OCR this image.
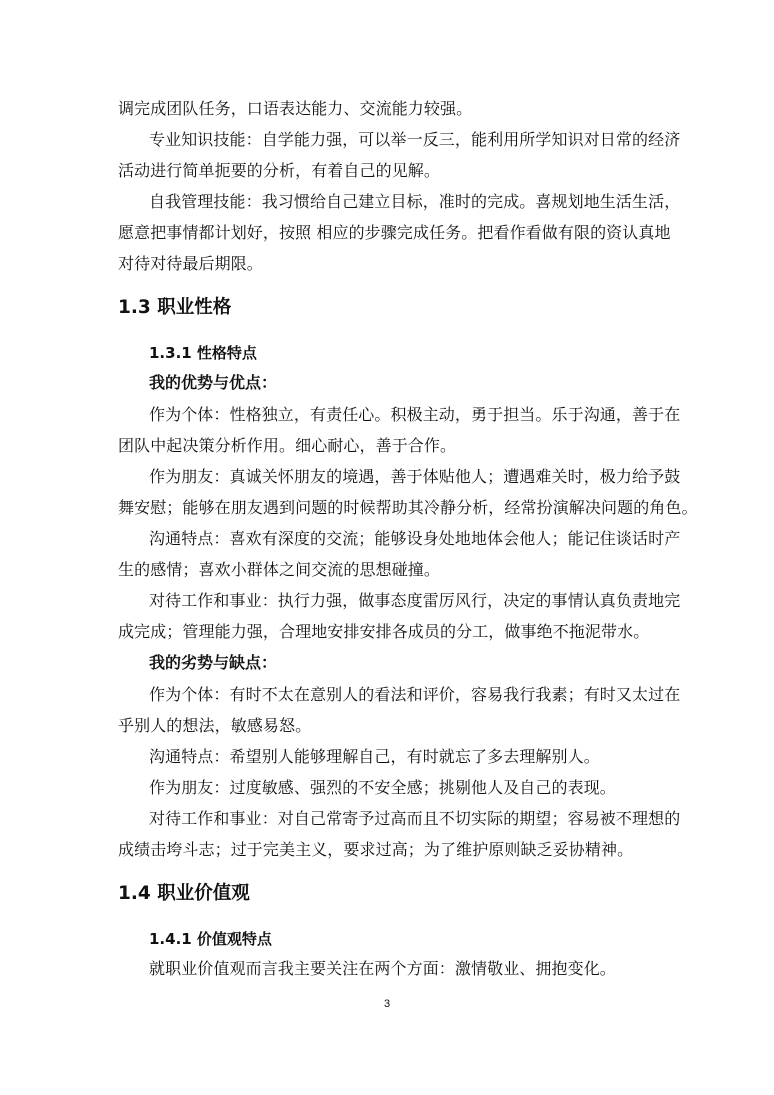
调完成团队任务，口语表达能力、交流能力较强。
专业知识技能：自学能力强，可以举一反三，能利用所学知识对日常的经济
活动进行简单扼要的分析，有着自己的见解。
自我管理技能：我习惯给自己建立目标，准时的完成。喜规划地生活生活，
愿意把事情都计划好，按照 相应的步骤完成任务。把看作看做有限的资认真地
对待对待最后期限。
1.3 职业性格
1.3.1 性格特点
我的优势与优点：
作为个体：性格独立，有责任心。积极主动，勇于担当。乐于沟通，善于在
团队中起决策分析作用。细心耐心，善于合作。
作为朋友：真诚关怀朋友的境遇，善于体贴他人；遭遇难关时，极力给予鼓
舞安慰；能够在朋友遇到问题的时候帮助其冷静分析，经常扮演解决问题的角色。
沟通特点：喜欢有深度的交流；能够设身处地地体会他人；能记住谈话时产
生的感情；喜欢小群体之间交流的思想碰撞。
对待工作和事业：执行力强，做事态度雷厉风行，决定的事情认真负责地完
成完成；管理能力强，合理地安排安排各成员的分工，做事绝不拖泥带水。
我的劣势与缺点：
作为个体：有时不太在意别人的看法和评价，容易我行我素；有时又太过在
乎别人的想法，敏感易怒。
沟通特点：希望别人能够理解自己，有时就忘了多去理解别人。
作为朋友：过度敏感、强烈的不安全感；挑剔他人及自己的表现。
对待工作和事业：对自己常寄予过高而且不切实际的期望；容易被不理想的
成绩击垮斗志；过于完美主义，要求过高；为了维护原则缺乏妥协精神。
1.4 职业价值观
1.4.1 价值观特点
就职业价值观而言我主要关注在两个方面：激情敬业、拥抱变化。
3
